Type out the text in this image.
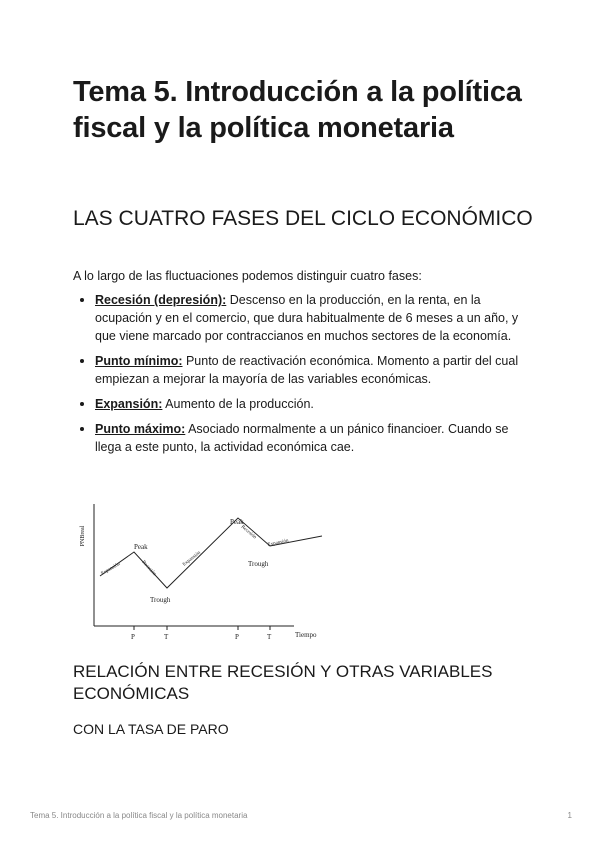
Tema 5. Introducción a la política fiscal y la política monetaria
LAS CUATRO FASES DEL CICLO ECONÓMICO

A lo largo de las fluctuaciones podemos distinguir cuatro fases:

Recesión (depresión): Descenso en la producción, en la renta, en la ocupación y en el comercio, que dura habitualmente de 6 meses a un año, y que viene marcado por contraccianos en muchos sectores de la economía.
Punto mínimo: Punto de reactivación económica. Momento a partir del cual empiezan a mejorar la mayoría de las variables económicas.
Expansión: Aumento de la producción.
Punto máximo: Asociado normalmente a un pánico financioer. Cuando se llega a este punto, la actividad económica cae.
PNBreal
Tiempo
Peak
Peak
Trough
Trough
Expansión	Recesión
Expansión
Recesión
Expansión
P	T	P	T
RELACIÓN ENTRE RECESIÓN Y OTRAS VARIABLES ECONÓMICAS
CON LA TASA DE PARO

Tema 5. Introducción a la política fiscal y la política monetaria	1
